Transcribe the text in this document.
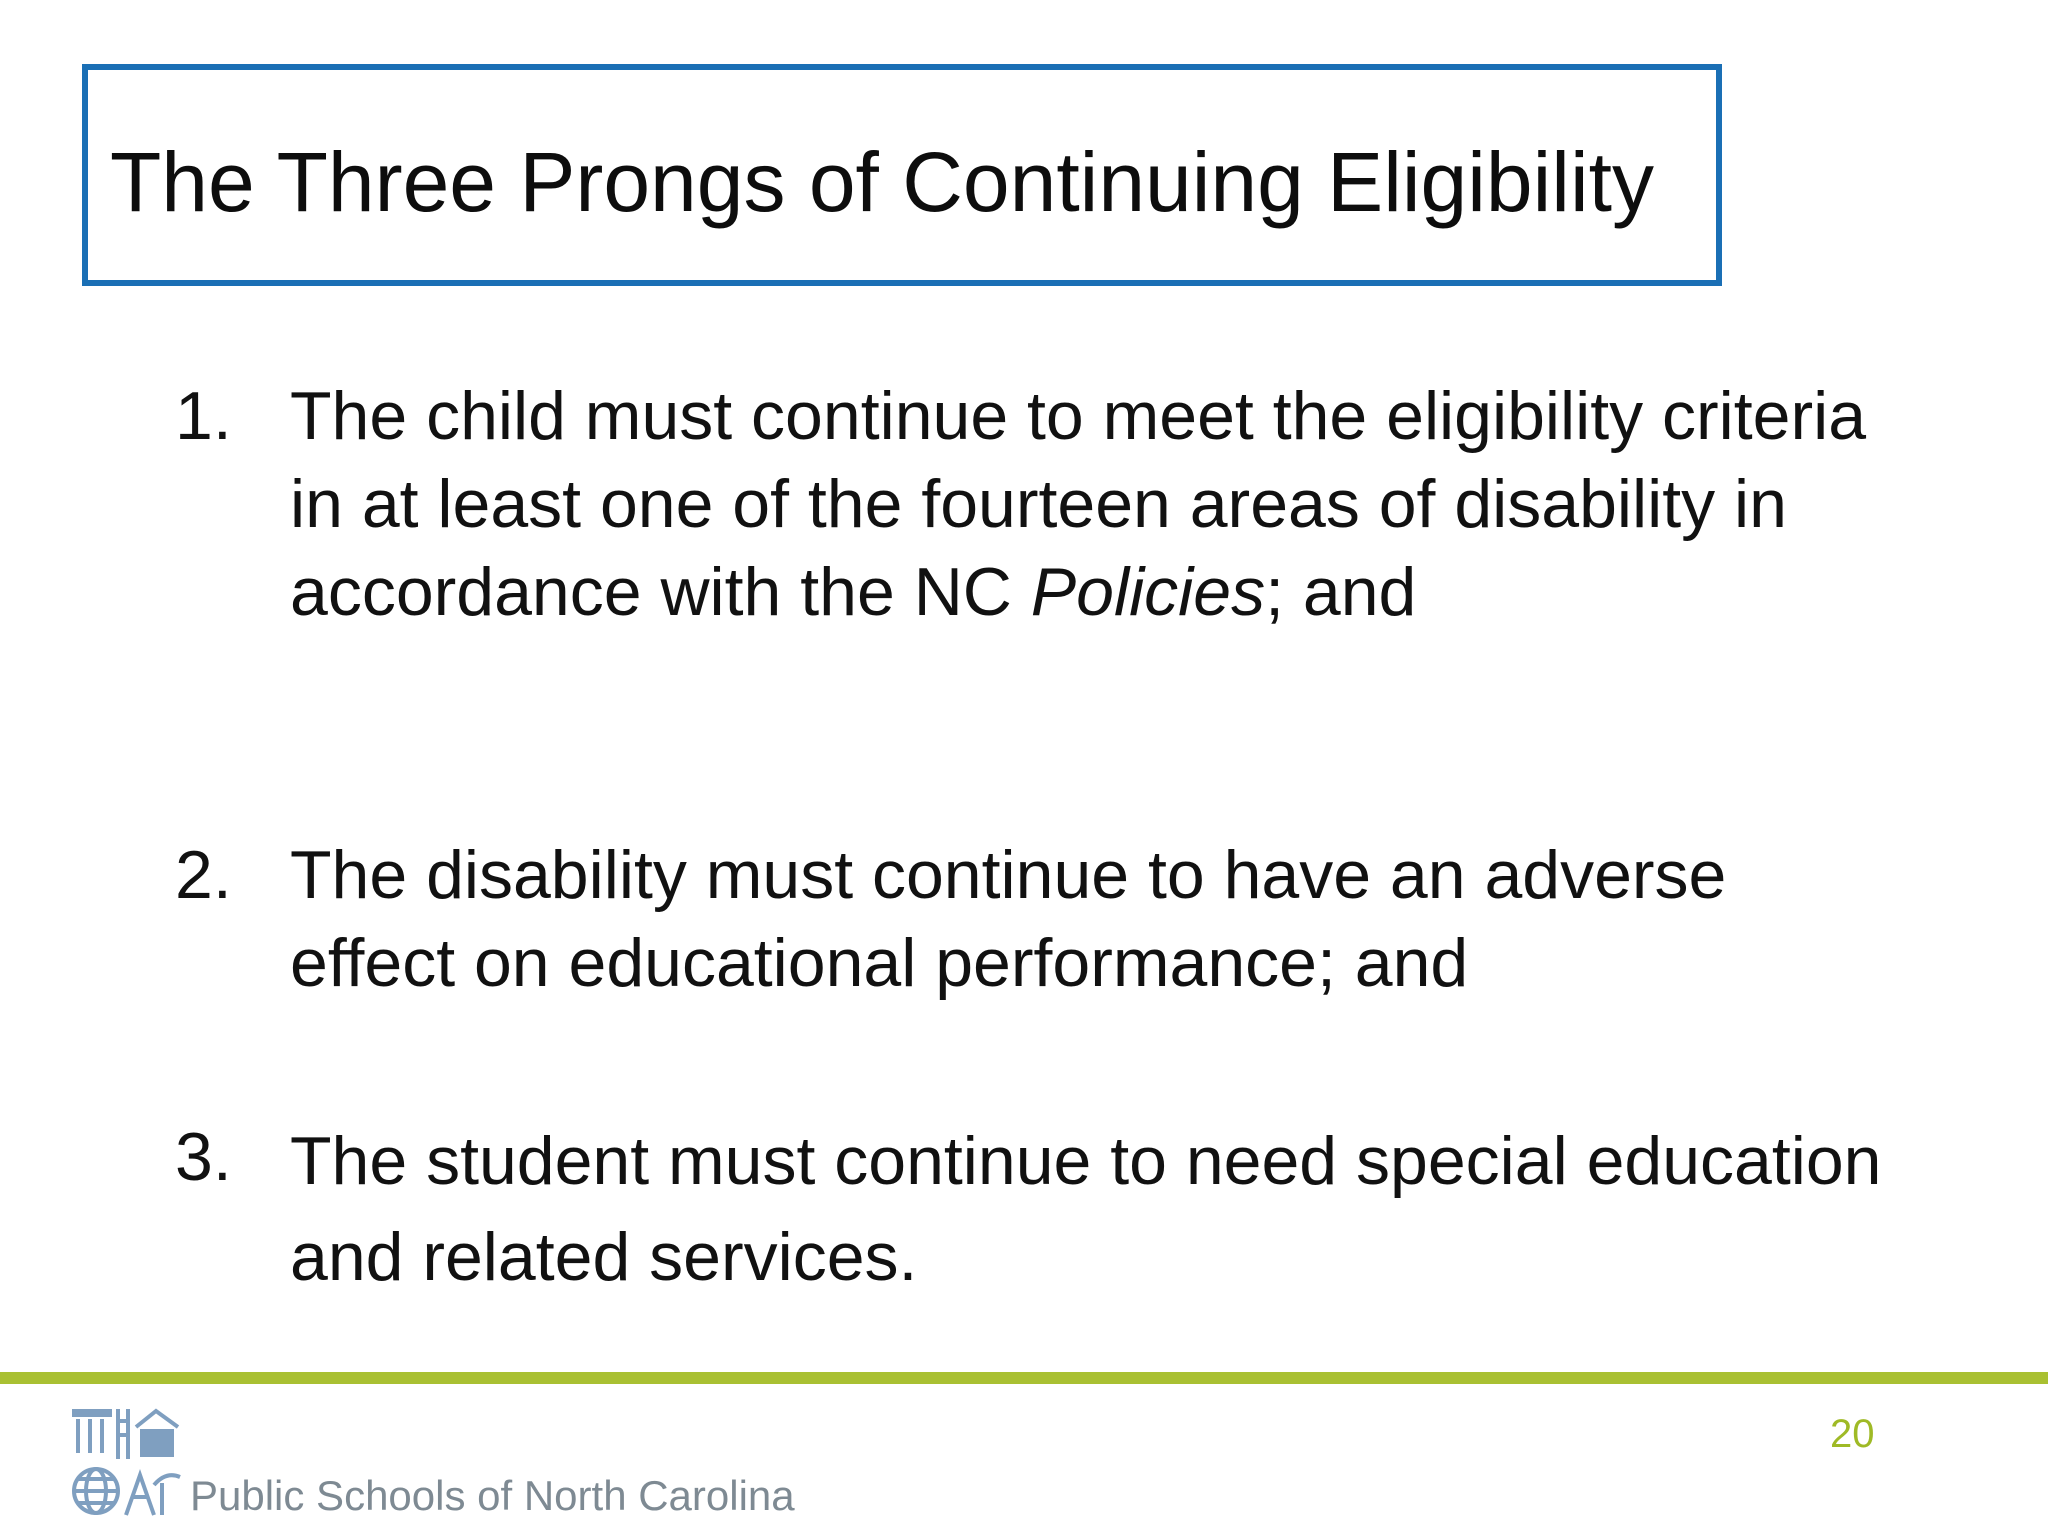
The Three Prongs of Continuing Eligibility
1. The child must continue to meet the eligibility criteria in at least one of the fourteen areas of disability in accordance with the NC Policies; and
2. The disability must continue to have an adverse effect on educational performance; and
3. The student must continue to need special education and related services.
20
Public Schools of North Carolina
